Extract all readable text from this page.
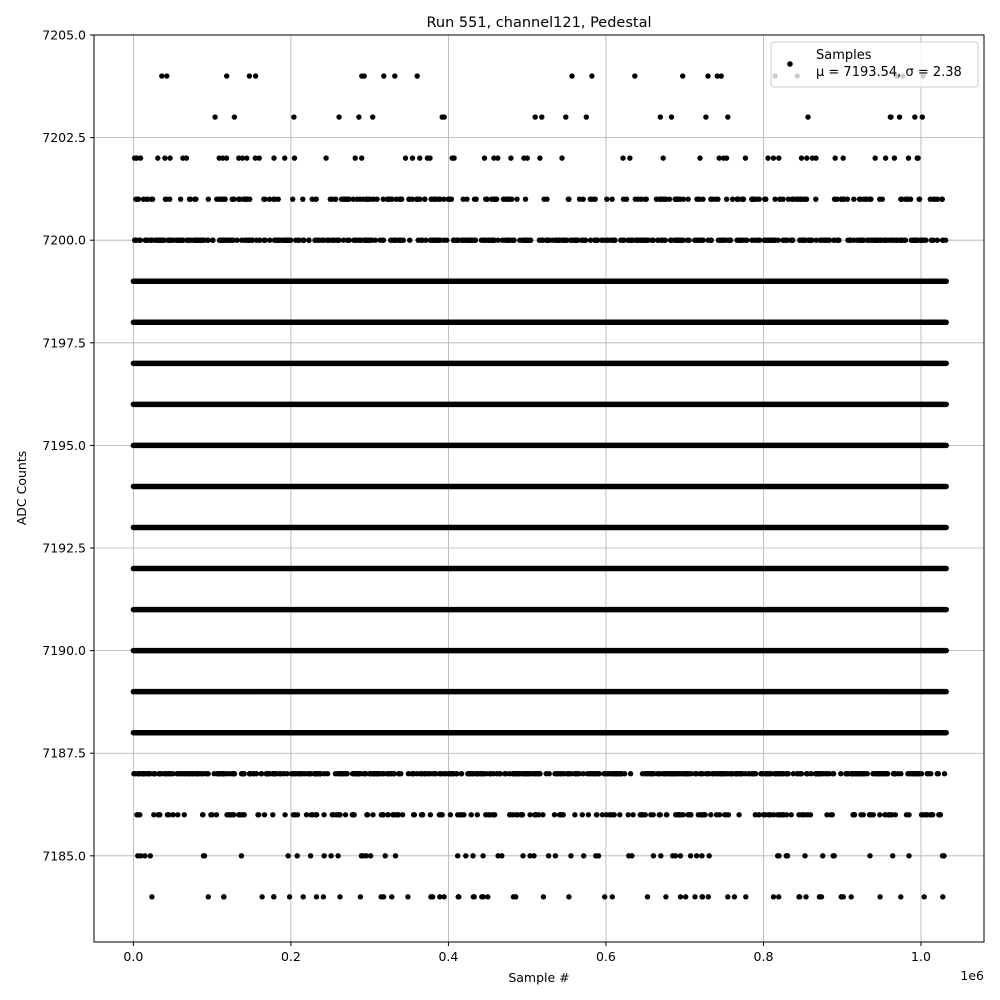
Run 551, channel121, Pedestal
0.0	0.2	0.4	0.6	0.8	1.0
7185.0
7187.5
7190.0
7192.5
7195.0
7197.5
7200.0
7202.5
7205.0
Sample #
ADC Counts
1e6
Samples
μ = 7193.54, σ = 2.38
